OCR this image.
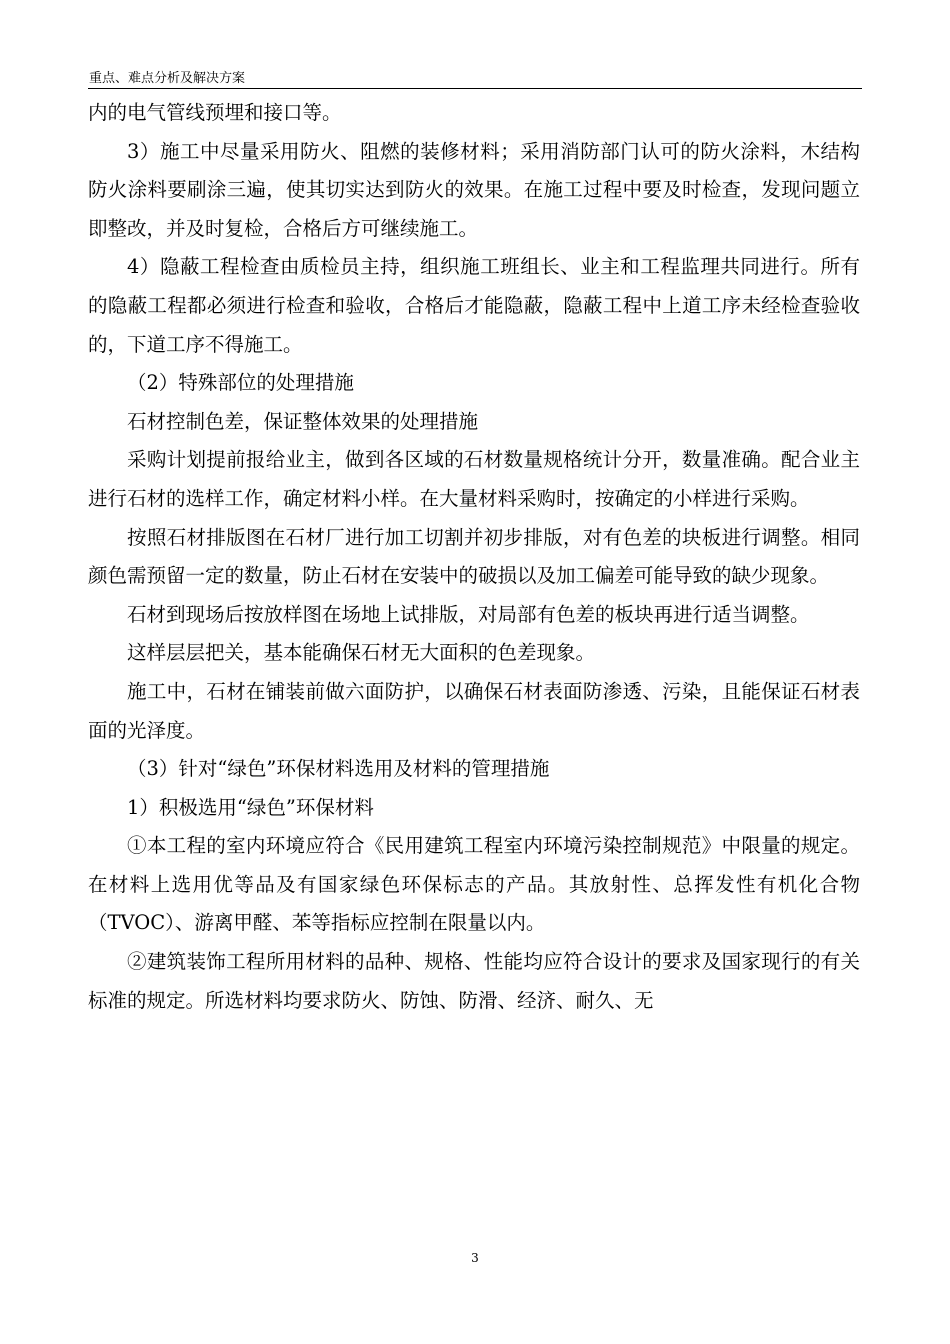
重点、难点分析及解决方案

内的电气管线预埋和接口等。

3）施工中尽量采用防火、阻燃的装修材料；采用消防部门认可的防火涂料，木结构防火涂料要刷涂三遍，使其切实达到防火的效果。在施工过程中要及时检查，发现问题立即整改，并及时复检，合格后方可继续施工。

4）隐蔽工程检查由质检员主持，组织施工班组长、业主和工程监理共同进行。所有的隐蔽工程都必须进行检查和验收，合格后才能隐蔽，隐蔽工程中上道工序未经检查验收的，下道工序不得施工。

（2）特殊部位的处理措施

石材控制色差，保证整体效果的处理措施

采购计划提前报给业主，做到各区域的石材数量规格统计分开，数量准确。配合业主进行石材的选样工作，确定材料小样。在大量材料采购时，按确定的小样进行采购。

按照石材排版图在石材厂进行加工切割并初步排版，对有色差的块板进行调整。相同颜色需预留一定的数量，防止石材在安装中的破损以及加工偏差可能导致的缺少现象。

石材到现场后按放样图在场地上试排版，对局部有色差的板块再进行适当调整。

这样层层把关，基本能确保石材无大面积的色差现象。

施工中，石材在铺装前做六面防护，以确保石材表面防渗透、污染，且能保证石材表面的光泽度。

（3）针对“绿色”环保材料选用及材料的管理措施

1）积极选用“绿色”环保材料

①本工程的室内环境应符合《民用建筑工程室内环境污染控制规范》中限量的规定。在材料上选用优等品及有国家绿色环保标志的产品。其放射性、总挥发性有机化合物（TVOC）、游离甲醛、苯等指标应控制在限量以内。

②建筑装饰工程所用材料的品种、规格、性能均应符合设计的要求及国家现行的有关标准的规定。所选材料均要求防火、防蚀、防滑、经济、耐久、无

3
